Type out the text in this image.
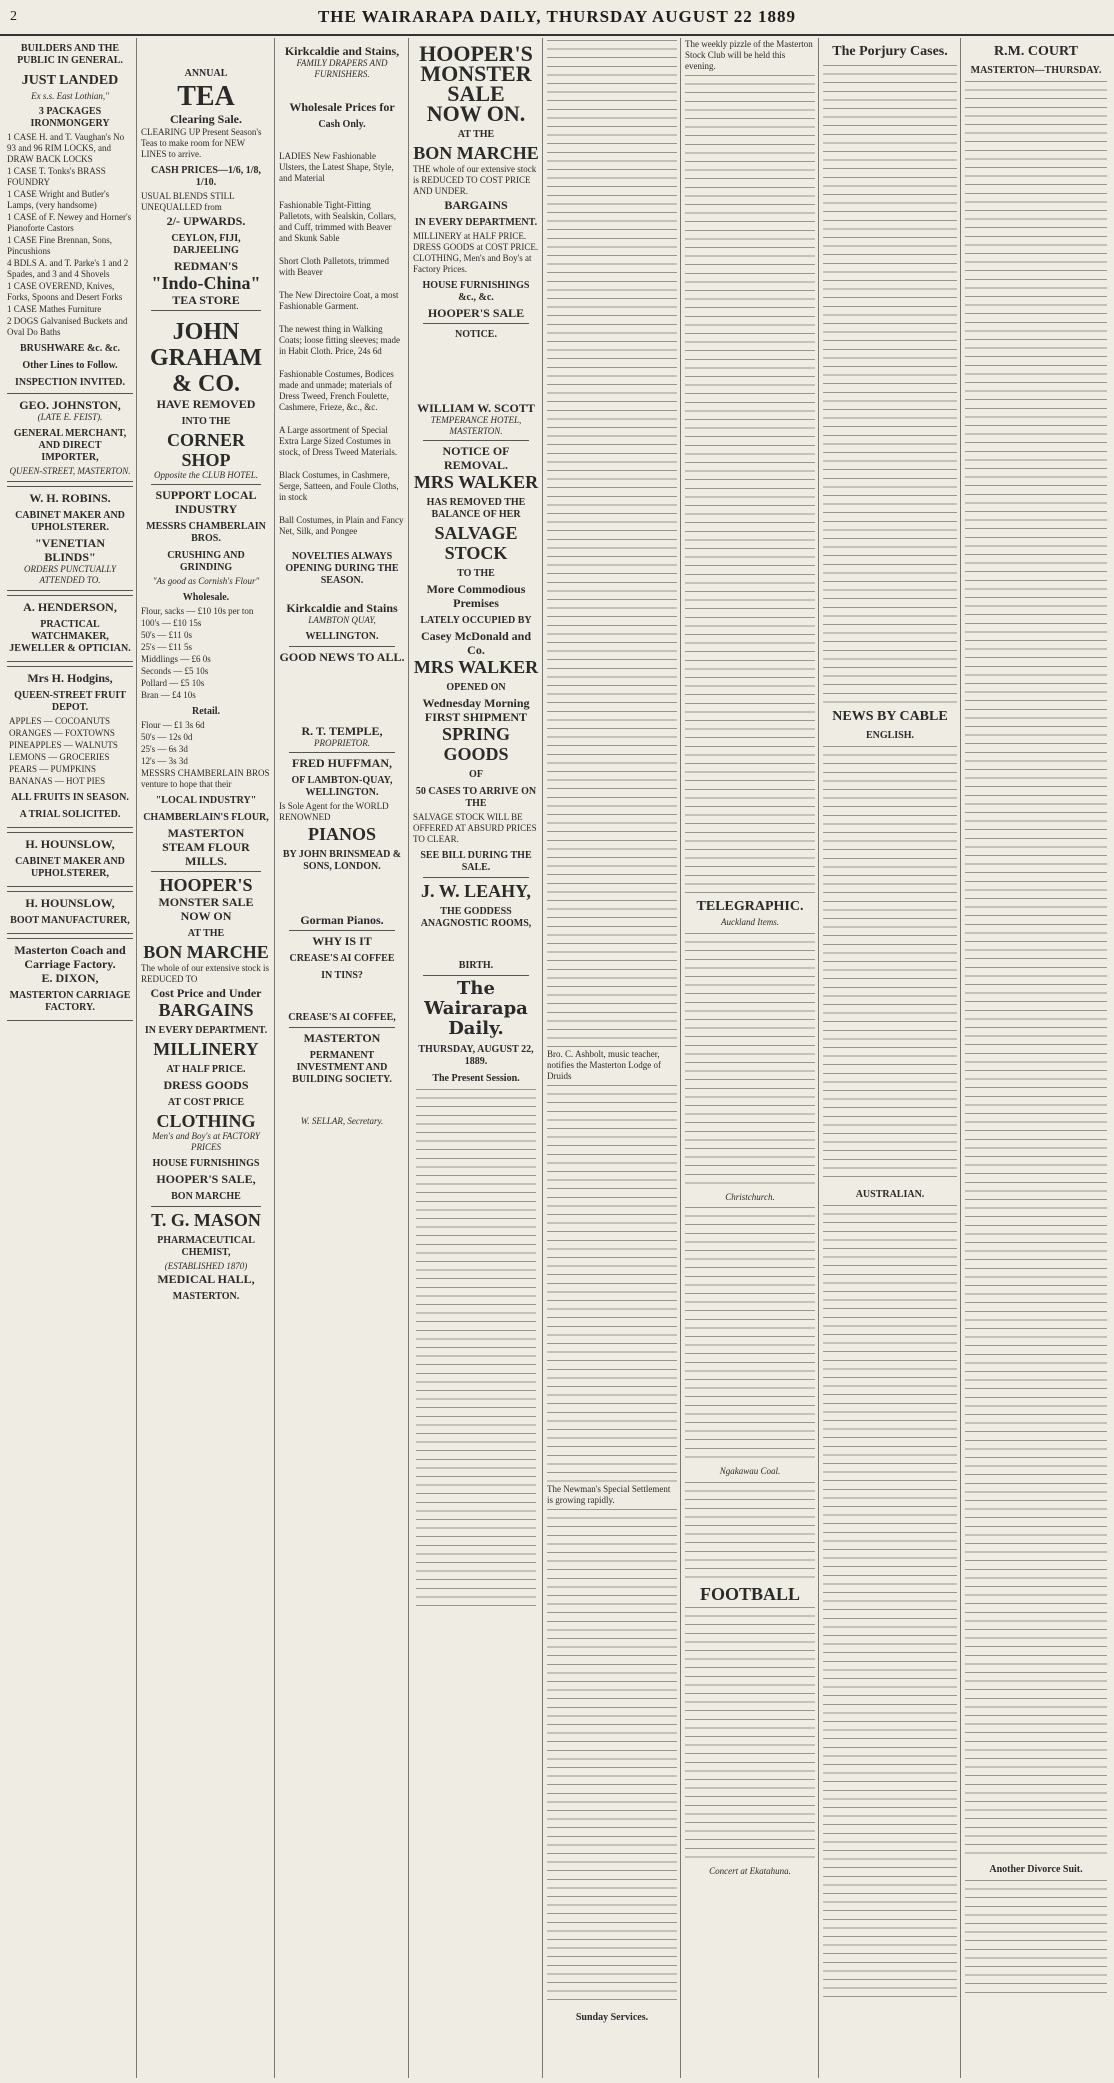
2	THE WAIRARAPA DAILY, THURSDAY AUGUST 22 1889
BUILDERS AND THE PUBLIC IN GENERAL.
JUST LANDED
Ex s.s. East Lothian,"
3 PACKAGES IRONMONGERY
1 CASE H. and T. Vaughan's No 93 and 96 RIM LOCKS, and DRAW BACK LOCKS
1 CASE T. Tonks's BRASS FOUNDRY
1 CASE Wright and Butler's Lamps, (very handsome)
1 CASE of F. Newey and Horner's Pianoforte Castors
1 CASE Fine Brennan, Sons, Pincushions
4 BDLS A. and T. Parke's 1 and 2 Spades, and 3 and 4 Shovels
1 CASE OVEREND, Knives, Forks, Spoons and Desert Forks
1 CASE Mathes Furniture
2 DOGS Galvanised Buckets and Oval Do Baths
BRUSHWARE &c. &c.
Other Lines to Follow.
INSPECTION INVITED.
GEO. JOHNSTON,
(LATE E. FEIST).
GENERAL MERCHANT, AND DIRECT IMPORTER,
QUEEN-STREET, MASTERTON.
W. H. ROBINS.
CABINET MAKER AND UPHOLSTERER.
"VENETIAN BLINDS"
ORDERS PUNCTUALLY ATTENDED TO.
A. HENDERSON,
PRACTICAL WATCHMAKER, JEWELLER & OPTICIAN.
Mrs H. Hodgins,
QUEEN-STREET FRUIT DEPOT.
APPLES — COCOANUTS
ORANGES — FOXTOWNS
PINEAPPLES — WALNUTS
LEMONS — GROCERIES
PEARS — PUMPKINS
BANANAS — HOT PIES
ALL FRUITS IN SEASON.
A TRIAL SOLICITED.
H. HOUNSLOW,
CABINET MAKER AND UPHOLSTERER,
H. HOUNSLOW,
BOOT MANUFACTURER,
Masterton Coach and Carriage Factory.
E. DIXON,
MASTERTON CARRIAGE FACTORY.
ANNUAL
TEA
Clearing Sale.
CLEARING UP Present Season's Teas to make room for NEW LINES to arrive.
CASH PRICES—1/6, 1/8, 1/10.
USUAL BLENDS STILL UNEQUALLED from
2/- UPWARDS.
CEYLON, FIJI, DARJEELING
REDMAN'S
"Indo-China"
TEA STORE
JOHN GRAHAM & CO.
HAVE REMOVED
INTO THE
CORNER SHOP
Opposite the CLUB HOTEL.
SUPPORT LOCAL INDUSTRY
MESSRS CHAMBERLAIN BROS.
CRUSHING AND GRINDING
"As good as Cornish's Flour"
Wholesale.
Flour, sacks — £10 10s per ton
100's — £10 15s
50's — £11 0s
25's — £11 5s
Middlings — £6 0s
Seconds — £5 10s
Pollard — £5 10s
Bran — £4 10s
Retail.
Flour — £1 3s 6d
50's — 12s 0d
25's — 6s 3d
12's — 3s 3d
MESSRS CHAMBERLAIN BROS venture to hope that their
"LOCAL INDUSTRY"
CHAMBERLAIN'S FLOUR,
MASTERTON
STEAM FLOUR MILLS.
HOOPER'S
MONSTER SALE
NOW ON
AT THE
BON MARCHE
The whole of our extensive stock is REDUCED TO
Cost Price and Under
BARGAINS
IN EVERY DEPARTMENT.
MILLINERY
AT HALF PRICE.
DRESS GOODS
AT COST PRICE
CLOTHING
Men's and Boy's at FACTORY PRICES
HOUSE FURNISHINGS
HOOPER'S SALE,
BON MARCHE
T. G. MASON
PHARMACEUTICAL CHEMIST,
(ESTABLISHED 1870)
MEDICAL HALL,
MASTERTON.
Kirkcaldie and Stains,
FAMILY DRAPERS AND FURNISHERS.
Wholesale Prices for
Cash Only.
LADIES New Fashionable Ulsters, the Latest Shape, Style, and Material
Fashionable Tight-Fitting Palletots, with Sealskin, Collars, and Cuff, trimmed with Beaver and Skunk Sable
Short Cloth Palletots, trimmed with Beaver
The New Directoire Coat, a most Fashionable Garment.
The newest thing in Walking Coats; loose fitting sleeves; made in Habit Cloth. Price, 24s 6d
Fashionable Costumes, Bodices made and unmade; materials of Dress Tweed, French Foulette, Cashmere, Frieze, &c., &c.
A Large assortment of Special Extra Large Sized Costumes in stock, of Dress Tweed Materials.
Black Costumes, in Cashmere, Serge, Satteen, and Foule Cloths, in stock
Ball Costumes, in Plain and Fancy Net, Silk, and Pongee
NOVELTIES ALWAYS OPENING DURING THE SEASON.
Kirkcaldie and Stains
LAMBTON QUAY,
WELLINGTON.
GOOD NEWS TO ALL.
R. T. TEMPLE,
PROPRIETOR.
FRED HUFFMAN,
OF LAMBTON-QUAY, WELLINGTON.
Is Sole Agent for the WORLD RENOWNED
PIANOS
BY JOHN BRINSMEAD & SONS, LONDON.
Gorman Pianos.
WHY IS IT
CREASE'S AI COFFEE
IN TINS?
CREASE'S AI COFFEE,
MASTERTON
PERMANENT INVESTMENT AND BUILDING SOCIETY.
W. SELLAR, Secretary.
HOOPER'S
MONSTER
SALE
NOW ON.
AT THE
BON MARCHE
THE whole of our extensive stock is REDUCED TO COST PRICE AND UNDER.
BARGAINS
IN EVERY DEPARTMENT.
MILLINERY at HALF PRICE. DRESS GOODS at COST PRICE. CLOTHING, Men's and Boy's at Factory Prices.
HOUSE FURNISHINGS &c., &c.
HOOPER'S SALE
NOTICE.
WILLIAM W. SCOTT
TEMPERANCE HOTEL, MASTERTON.
NOTICE OF REMOVAL.
MRS WALKER
HAS REMOVED THE BALANCE OF HER
SALVAGE STOCK
TO THE
More Commodious Premises
LATELY OCCUPIED BY
Casey McDonald and Co.
MRS WALKER
OPENED ON
Wednesday Morning
FIRST SHIPMENT
SPRING GOODS
OF
50 CASES TO ARRIVE ON THE
SALVAGE STOCK WILL BE OFFERED AT ABSURD PRICES TO CLEAR.
SEE BILL DURING THE SALE.
J. W. LEAHY,
THE GODDESS ANAGNOSTIC ROOMS,
BIRTH.
The Wairarapa Daily.
THURSDAY, AUGUST 22, 1889.
The Present Session.
Bro. C. Ashbolt, music teacher, notifies the Masterton Lodge of Druids
The Newman's Special Settlement is growing rapidly.
Sunday Services.
The weekly pizzle of the Masterton Stock Club will be held this evening.
TELEGRAPHIC.
Auckland Items.
Christchurch.
Ngakawau Coal.
FOOTBALL
Concert at Ekatahuna.
The Porjury Cases.
NEWS BY CABLE
ENGLISH.
AUSTRALIAN.
R.M. COURT
MASTERTON—THURSDAY.
Another Divorce Suit.
